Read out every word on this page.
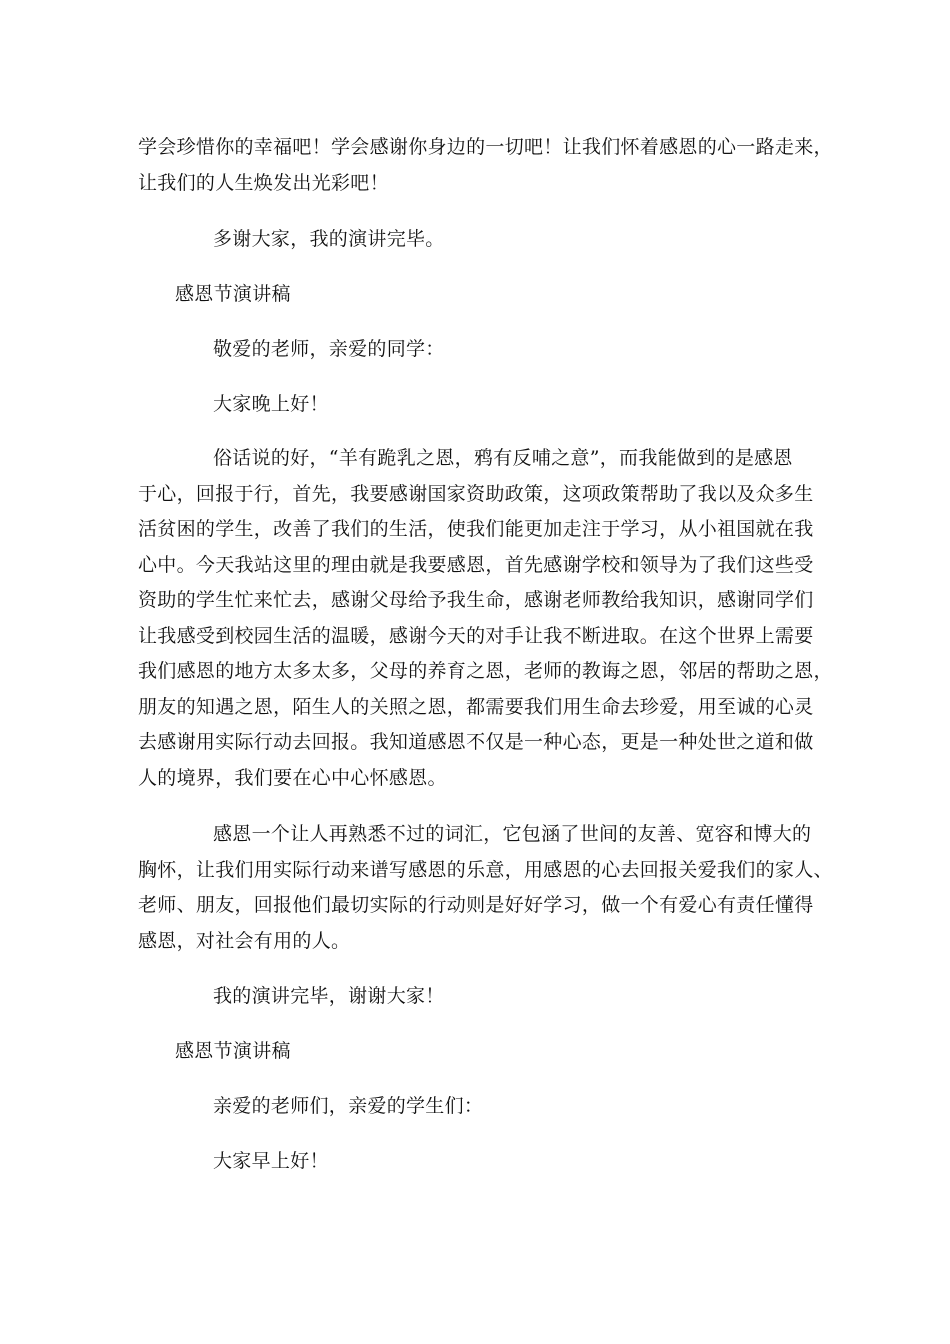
学会珍惜你的幸福吧！学会感谢你身边的一切吧！让我们怀着感恩的心一路走来，
让我们的人生焕发出光彩吧！
多谢大家，我的演讲完毕。
感恩节演讲稿
敬爱的老师，亲爱的同学：
大家晚上好！
俗话说的好，“羊有跪乳之恩，鸦有反哺之意”，而我能做到的是感恩
于心，回报于行，首先，我要感谢国家资助政策，这项政策帮助了我以及众多生
活贫困的学生，改善了我们的生活，使我们能更加走注于学习，从小祖国就在我
心中。今天我站这里的理由就是我要感恩，首先感谢学校和领导为了我们这些受
资助的学生忙来忙去，感谢父母给予我生命，感谢老师教给我知识，感谢同学们
让我感受到校园生活的温暖，感谢今天的对手让我不断进取。在这个世界上需要
我们感恩的地方太多太多，父母的养育之恩，老师的教诲之恩，邻居的帮助之恩，
朋友的知遇之恩，陌生人的关照之恩，都需要我们用生命去珍爱，用至诚的心灵
去感谢用实际行动去回报。我知道感恩不仅是一种心态，更是一种处世之道和做
人的境界，我们要在心中心怀感恩。
感恩一个让人再熟悉不过的词汇，它包涵了世间的友善、宽容和博大的
胸怀，让我们用实际行动来谱写感恩的乐意，用感恩的心去回报关爱我们的家人、
老师、朋友，回报他们最切实际的行动则是好好学习，做一个有爱心有责任懂得
感恩，对社会有用的人。
我的演讲完毕，谢谢大家！
感恩节演讲稿
亲爱的老师们，亲爱的学生们：
大家早上好！
